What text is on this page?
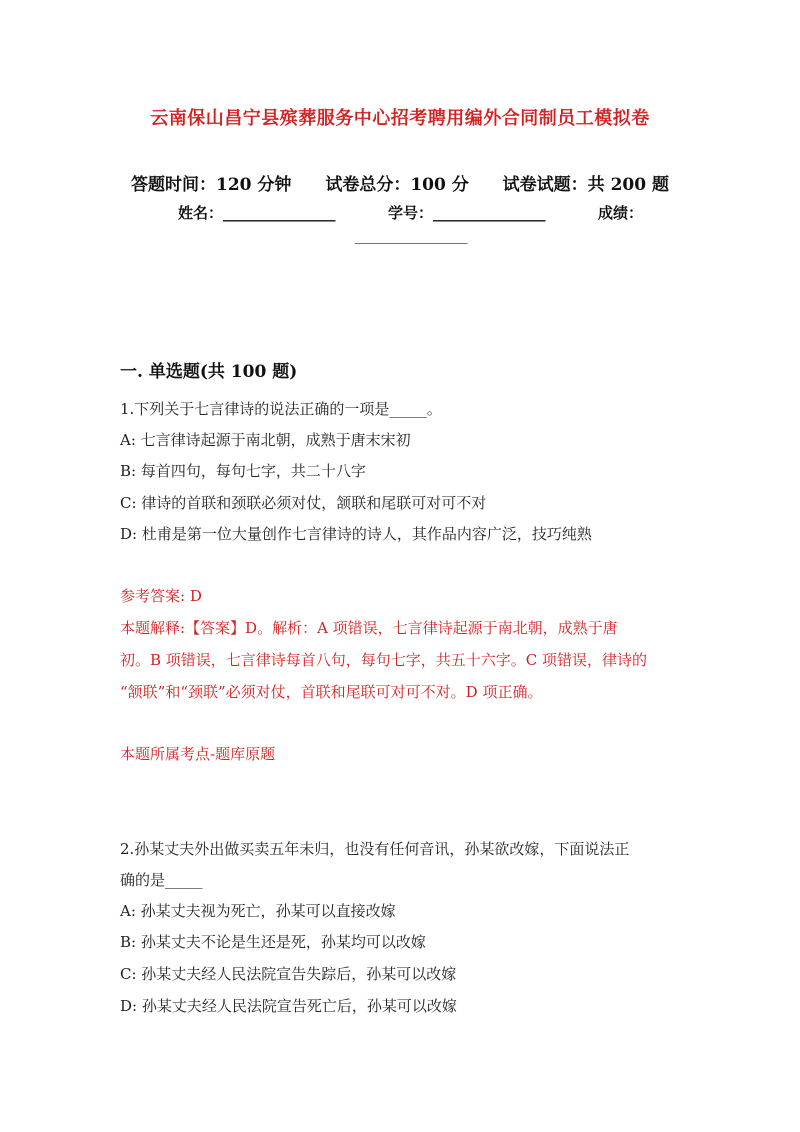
云南保山昌宁县殡葬服务中心招考聘用编外合同制员工模拟卷
答题时间：120 分钟 试卷总分：100 分 试卷试题：共 200 题
姓名：_______________	学号：_______________	成绩：
_______________
一. 单选题(共 100 题)
1.下列关于七言律诗的说法正确的一项是_____。
A: 七言律诗起源于南北朝，成熟于唐末宋初
B: 每首四句，每句七字，共二十八字
C: 律诗的首联和颈联必须对仗，颔联和尾联可对可不对
D: 杜甫是第一位大量创作七言律诗的诗人，其作品内容广泛，技巧纯熟
参考答案: D
本题解释:【答案】D。解析：A 项错误，七言律诗起源于南北朝，成熟于唐
初。B 项错误，七言律诗每首八句，每句七字，共五十六字。C 项错误，律诗的
“颔联”和“颈联”必须对仗，首联和尾联可对可不对。D 项正确。
本题所属考点-题库原题
2.孙某丈夫外出做买卖五年未归，也没有任何音讯，孙某欲改嫁，下面说法正
确的是_____
A: 孙某丈夫视为死亡，孙某可以直接改嫁
B: 孙某丈夫不论是生还是死，孙某均可以改嫁
C: 孙某丈夫经人民法院宣告失踪后，孙某可以改嫁
D: 孙某丈夫经人民法院宣告死亡后，孙某可以改嫁
